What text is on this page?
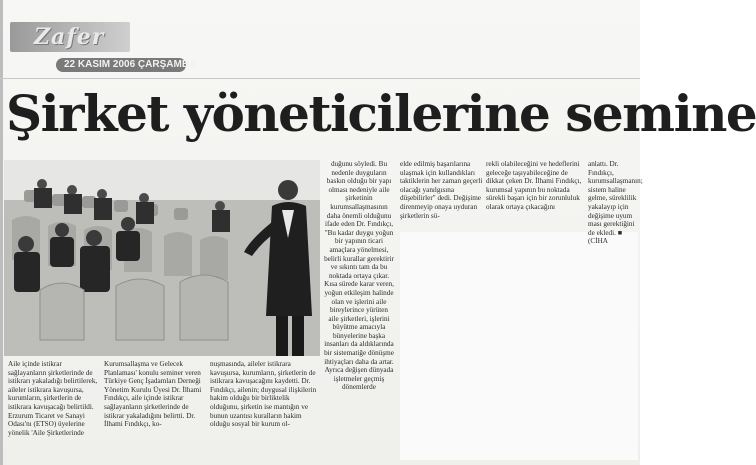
Zafer
22 KASIM 2006 ÇARŞAMBA
Şirket yöneticilerine semine

Aile içinde istikrar sağlayanların şirketlerinde de istikrarı yakaladığı belirtilerek, aileler istikrara kavuşursa, kurumların, şirketlerin de istikrara kavuşacağı belirtildi. Erzurum Ticaret ve Sanayi Odası'nı (ETSO) üyelerine yönelik 'Aile Şirketlerinde

Kurumsallaşma ve Gelecek Planlaması' konulu seminer veren Türkiye Genç İşadamları Derneği Yönetim Kurulu Üyesi Dr. İlhami Fındıkçı, aile içinde istikrar sağlayanların şirketlerinde de istikrar yakaladığını belirtti. Dr. İlhami Fındıkçı, ko-

nuşmasında, aileler istikrara kavuşursa, kurumların, şirketlerin de istikrara kavuşacağını kaydetti. Dr. Fındıkçı, ailenin; duygusal ilişkilerin hakim olduğu bir birliktelik olduğunu, şirketin ise mantığın ve bunun uzantısı kuralların hakim olduğu sosyal bir kurum ol-

duğunu söyledi. Bu nedenle duyguların baskın olduğu bir yapı olması nedeniyle aile şirketinin kurumsallaşmasının daha önemli olduğunu ifade eden Dr. Fındıkçı, "Bu kadar duygu yoğun bir yapının ticari amaçlara yönelmesi, belirli kurallar gerektirir ve sıkıntı tam da bu noktada ortaya çıkar. Kısa sürede karar veren, yoğun etkileşim halinde olan ve işlerini aile bireylerince yürüten aile şirketleri, işlerini büyütme amacıyla bünyelerine başka insanları da aldıklarında bir sistematiğe dönüşme ihtiyaçları daha da artar. Ayrıca değişen dünyada işletmeler geçmiş dönemlerde

elde edilmiş başarılarına ulaşmak için kullandıkları taktiklerin her zaman geçerli olacağı yanılgısına düşebilirler" dedi. Değişime direnmeyip onaya uyduran şirketlerin sü-

rekli olabileceğini ve hedeflerini geleceğe taşıyabileceğine de dikkat çeken Dr. İlhami Fındıkçı, kurumsal yapının bu noktada sürekli başarı için bir zorunluluk olarak ortaya çıkacağını

anlattı. Dr. Fındıkçı, kurumsallaşmanın; sistem haline gelme, süreklilik yakalayıp için değişime uyum ması gerektiğini de ekledi. ■ (CİHA
